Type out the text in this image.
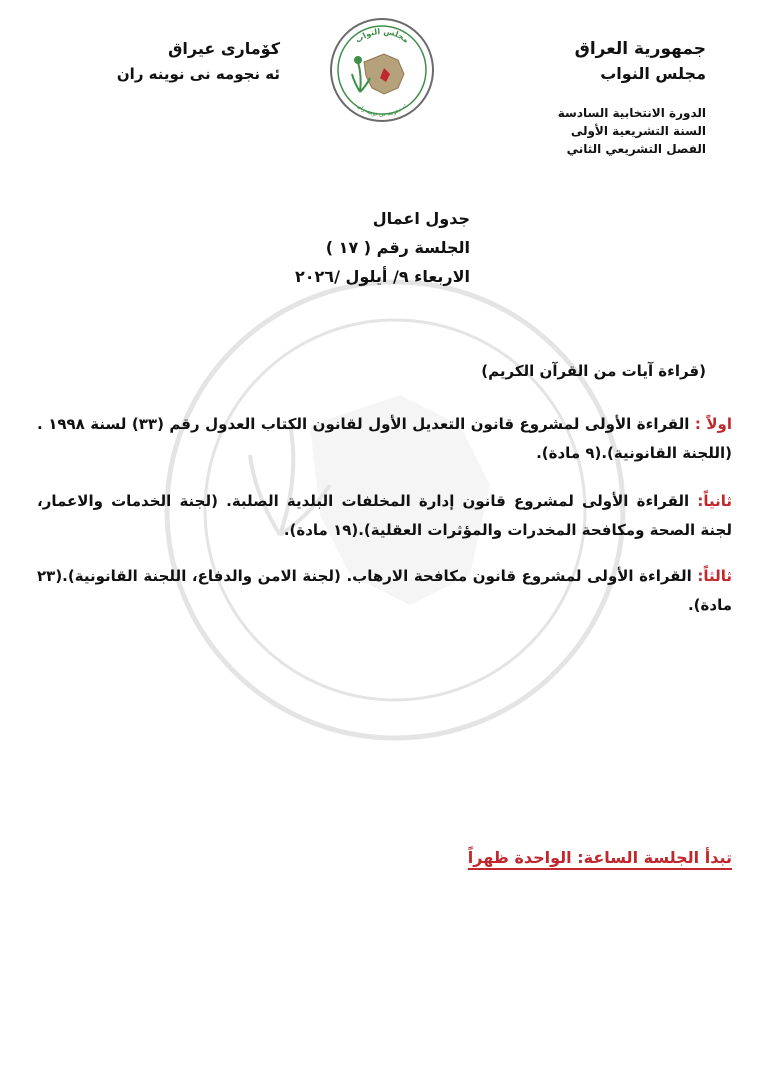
جمهورية العراق
مجلس النواب
الدورة الانتخابية السادسة
السنة التشريعية الأولى
الفصل التشريعي الثاني
مجلس النواب
ئه نجومه نى نوينه ران
كۆمارى عيراق
ئه نجومه نى نوينه ران
جدول اعمال
الجلسة رقم ( ١٧ )
الاربعاء ٩/ أيلول /٢٠٢٦
(قراءة آيات من القرآن الكريم)
اولاً : القراءة الأولى لمشروع قانون التعديل الأول لقانون الكتاب العدول رقم (٣٣) لسنة ١٩٩٨ . (اللجنة القانونية).(٩ مادة).
ثانياً: القراءة الأولى لمشروع قانون إدارة المخلفات البلدية الصلبة. (لجنة الخدمات والاعمار، لجنة الصحة ومكافحة المخدرات والمؤثرات العقلية).(١٩ مادة).
ثالثاً: القراءة الأولى لمشروع قانون مكافحة الارهاب. (لجنة الامن والدفاع، اللجنة القانونية).(٢٣ مادة).
تبدأ الجلسة الساعة: الواحدة ظهراً
